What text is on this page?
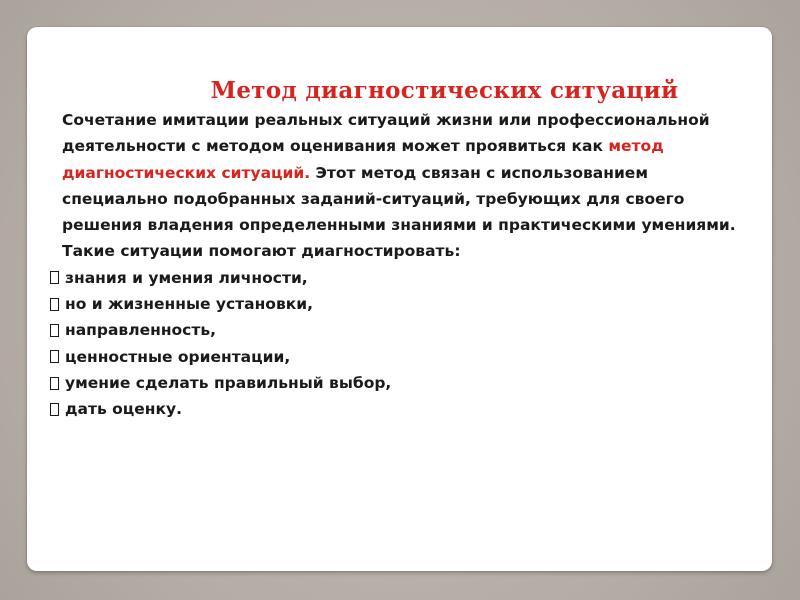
Метод диагностических ситуаций

Сочетание имитации реальных ситуаций жизни или профессиональной деятельности с методом оценивания может проявиться как метод диагностических ситуаций. Этот метод связан с использованием специально подобранных заданий-ситуаций, требующих для своего решения владения определенными знаниями и практическими умениями. Такие ситуации помогают диагностировать:

знания и умения личности,
но и жизненные установки,
направленность,
ценностные ориентации,
умение сделать правильный выбор,
дать оценку.
